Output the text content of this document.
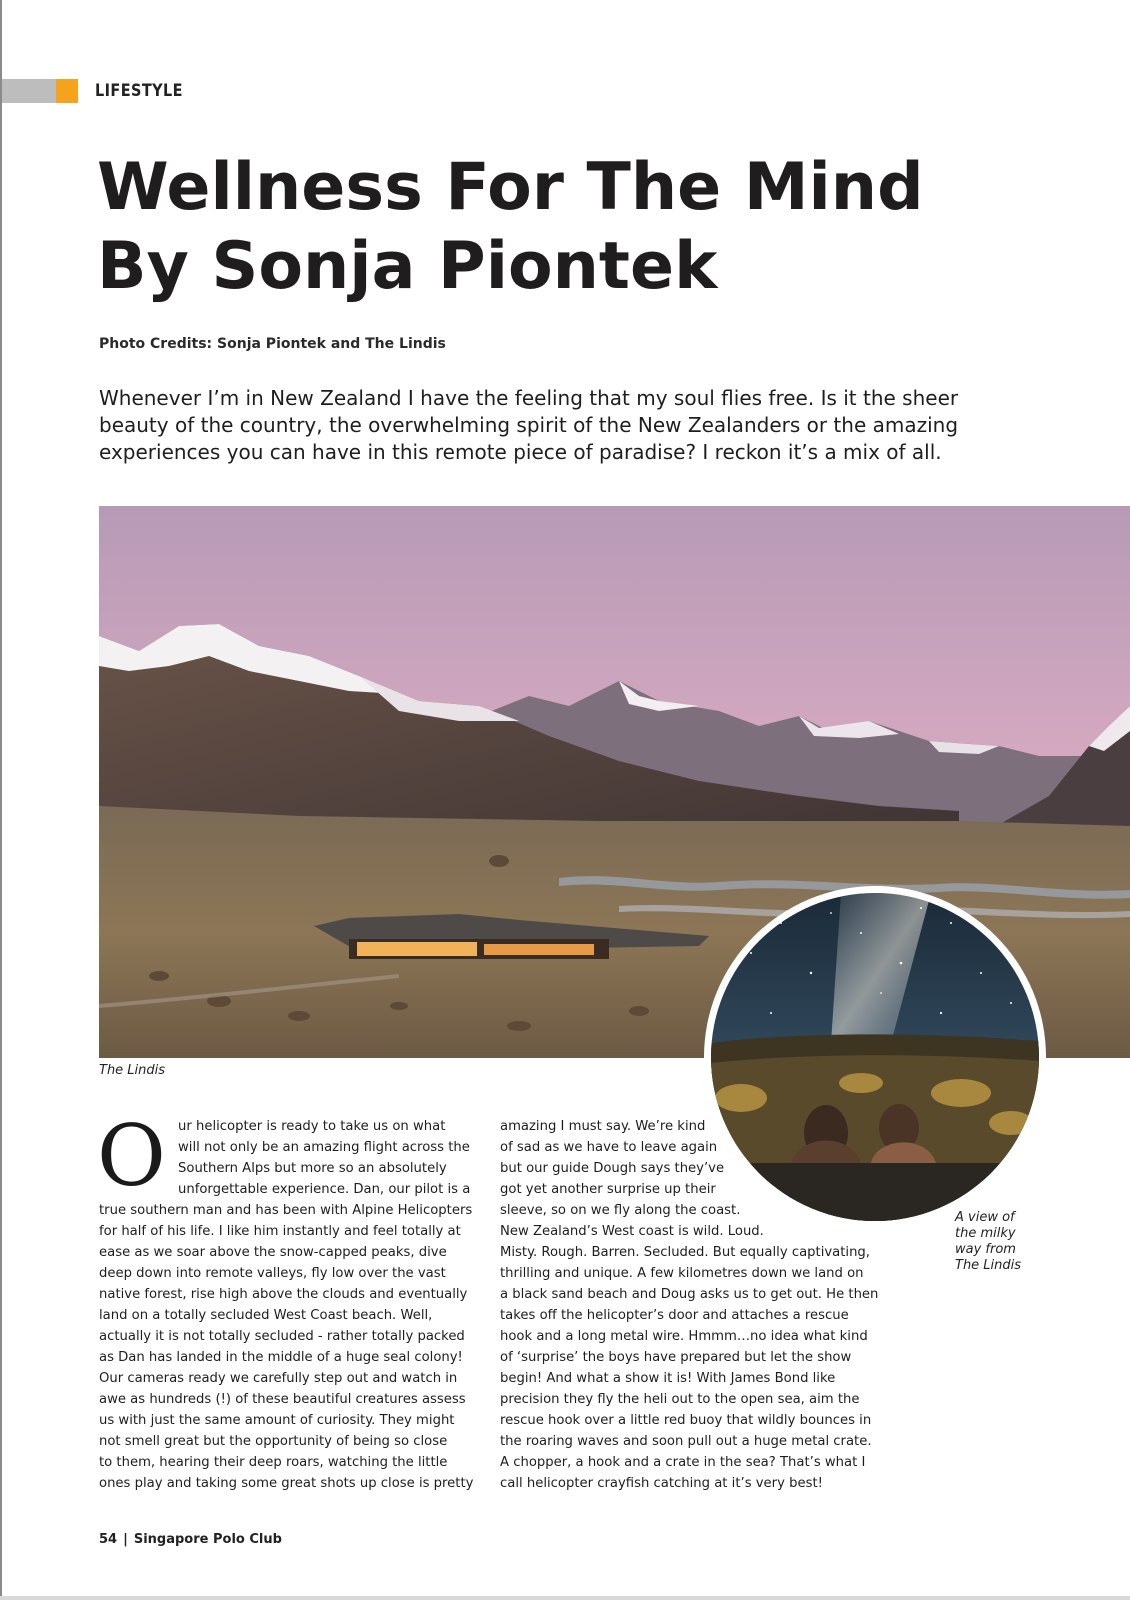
LIFESTYLE
Wellness For The Mind
By Sonja Piontek
Photo Credits: Sonja Piontek and The Lindis
Whenever I’m in New Zealand I have the feeling that my soul flies free. Is it the sheer
beauty of the country, the overwhelming spirit of the New Zealanders or the amazing
experiences you can have in this remote piece of paradise? I reckon it’s a mix of all.
The Lindis
A view of
the milky
way from
The Lindis
O ur helicopter is ready to take us on what
will not only be an amazing flight across the
Southern Alps but more so an absolutely
unforgettable experience. Dan, our pilot is a
true southern man and has been with Alpine Helicopters
for half of his life. I like him instantly and feel totally at
ease as we soar above the snow-capped peaks, dive
deep down into remote valleys, fly low over the vast
native forest, rise high above the clouds and eventually
land on a totally secluded West Coast beach. Well,
actually it is not totally secluded - rather totally packed
as Dan has landed in the middle of a huge seal colony!
Our cameras ready we carefully step out and watch in
awe as hundreds (!) of these beautiful creatures assess
us with just the same amount of curiosity. They might
not smell great but the opportunity of being so close
to them, hearing their deep roars, watching the little
ones play and taking some great shots up close is pretty
amazing I must say. We’re kind
of sad as we have to leave again
but our guide Dough says they’ve
got yet another surprise up their
sleeve, so on we fly along the coast.
New Zealand’s West coast is wild. Loud.
Misty. Rough. Barren. Secluded. But equally captivating,
thrilling and unique. A few kilometres down we land on
a black sand beach and Doug asks us to get out. He then
takes off the helicopter’s door and attaches a rescue
hook and a long metal wire. Hmmm…no idea what kind
of ‘surprise’ the boys have prepared but let the show
begin! And what a show it is! With James Bond like
precision they fly the heli out to the open sea, aim the
rescue hook over a little red buoy that wildly bounces in
the roaring waves and soon pull out a huge metal crate.
A chopper, a hook and a crate in the sea? That’s what I
call helicopter crayfish catching at it’s very best!
54 | Singapore Polo Club
